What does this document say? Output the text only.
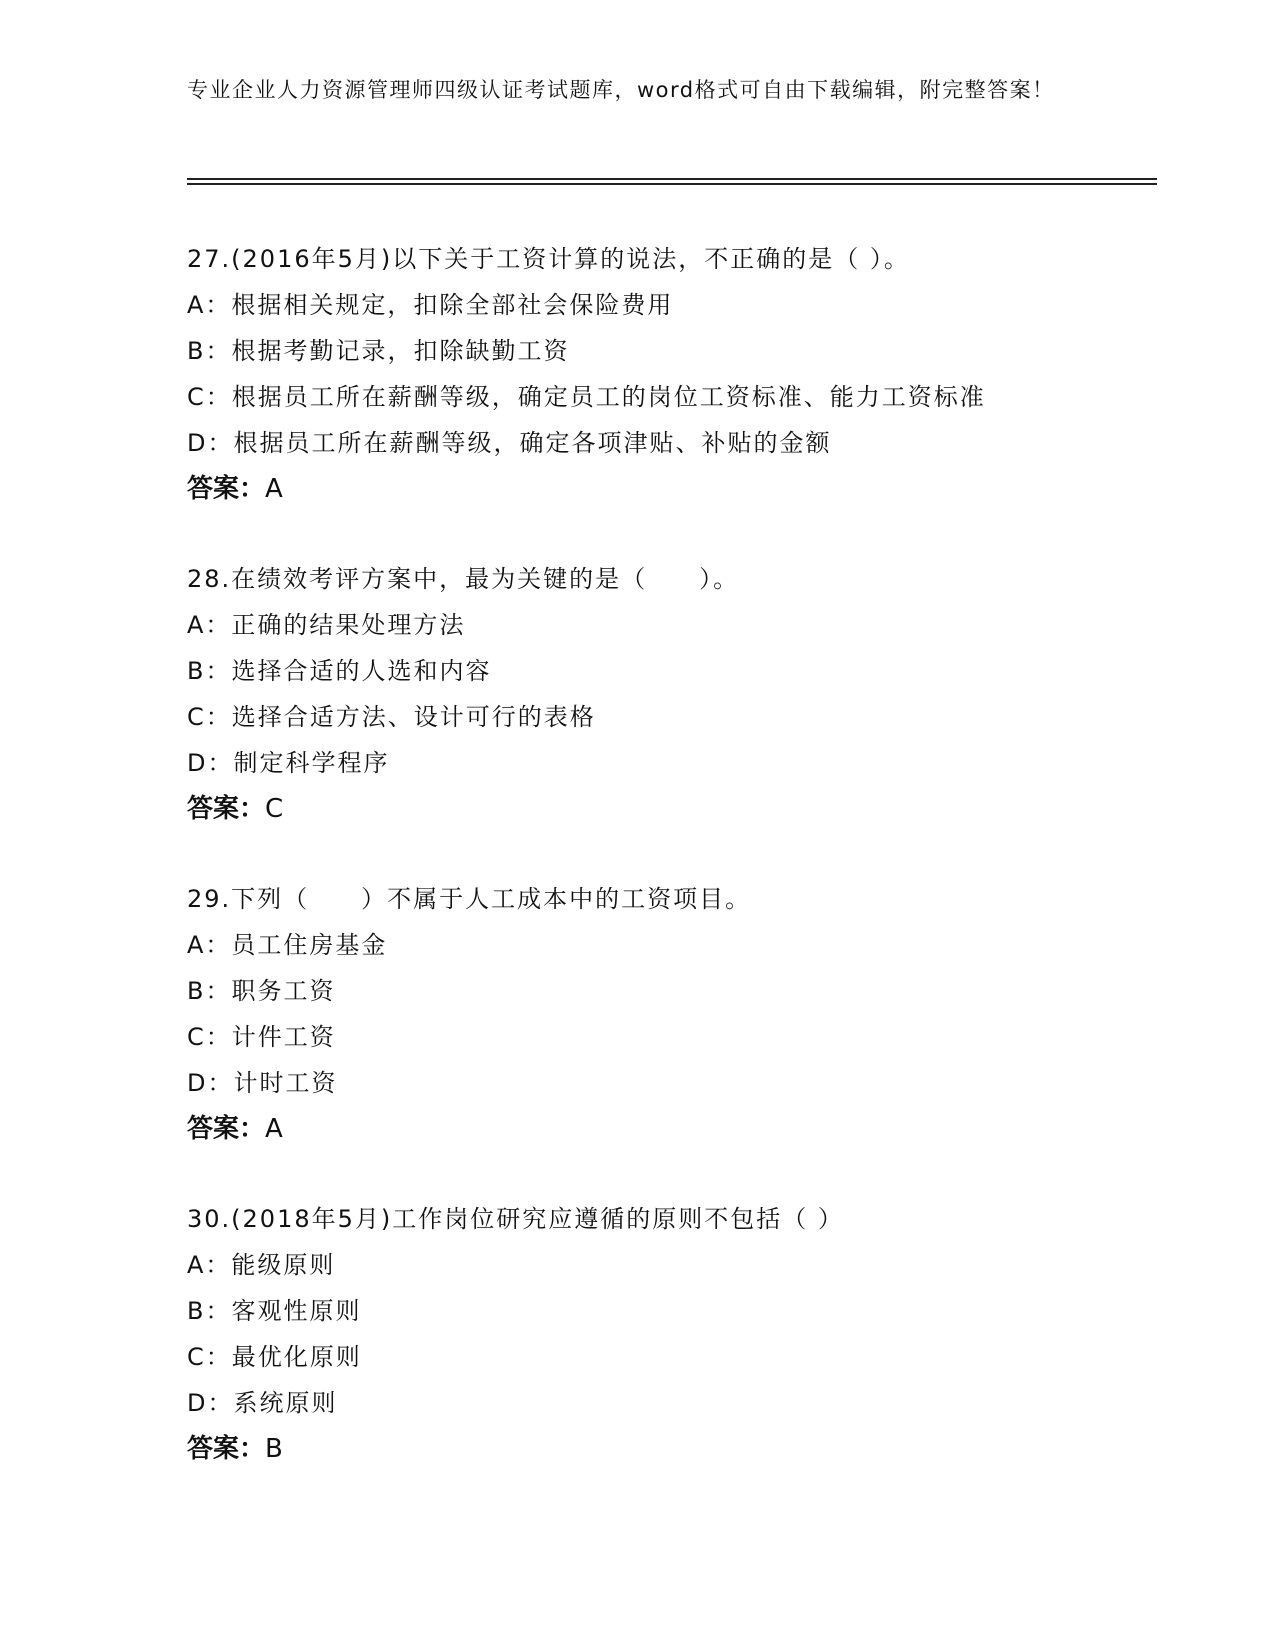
专业企业人力资源管理师四级认证考试题库，word格式可自由下载编辑，附完整答案！
27.(2016年5月)以下关于工资计算的说法，不正确的是（ ）。
A：根据相关规定，扣除全部社会保险费用
B：根据考勤记录，扣除缺勤工资
C：根据员工所在薪酬等级，确定员工的岗位工资标准、能力工资标准
D：根据员工所在薪酬等级，确定各项津贴、补贴的金额
答案：A
28.在绩效考评方案中，最为关键的是（　　）。
A：正确的结果处理方法
B：选择合适的人选和内容
C：选择合适方法、设计可行的表格
D：制定科学程序
答案：C
29.下列（　　）不属于人工成本中的工资项目。
A：员工住房基金
B：职务工资
C：计件工资
D：计时工资
答案：A
30.(2018年5月)工作岗位研究应遵循的原则不包括（ ）
A：能级原则
B：客观性原则
C：最优化原则
D：系统原则
答案：B
